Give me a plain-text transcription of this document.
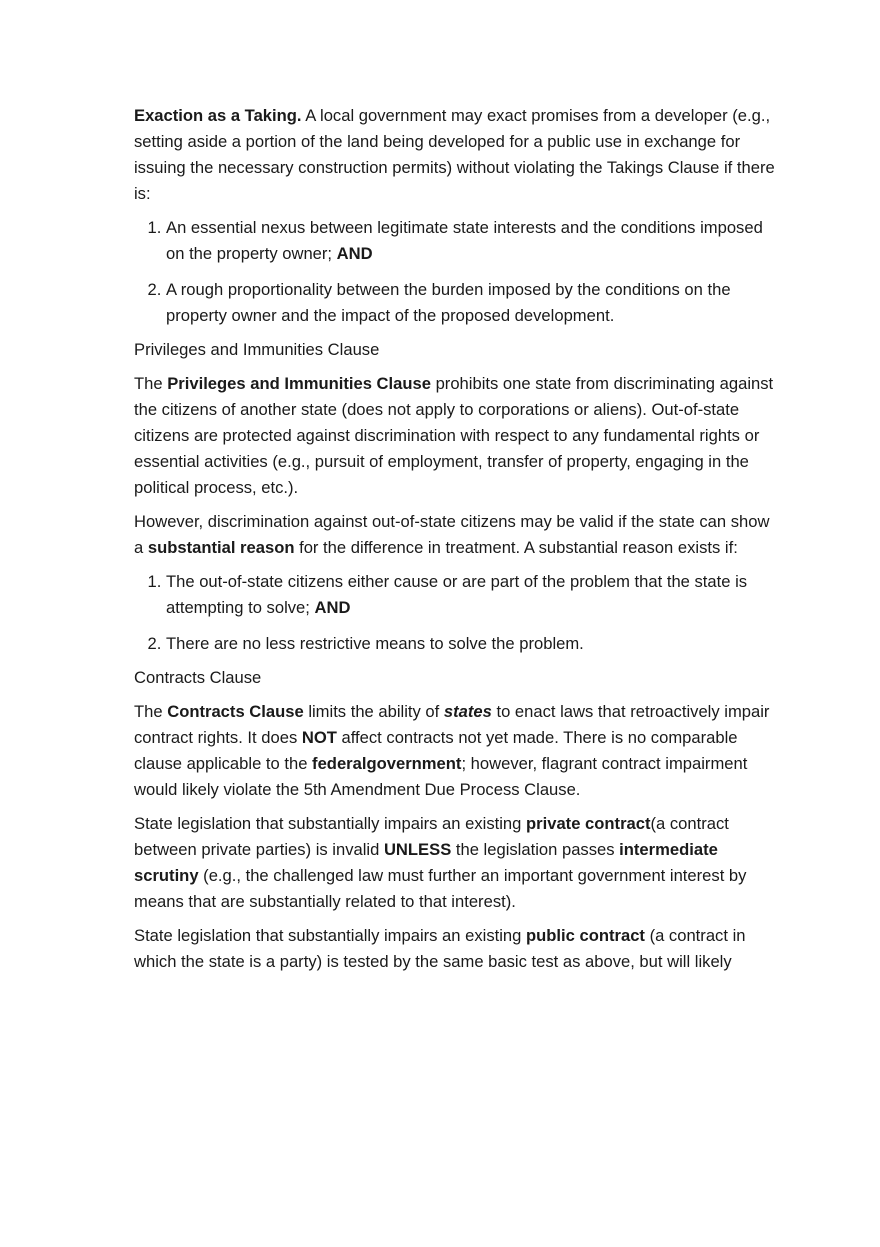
Exaction as a Taking. A local government may exact promises from a developer (e.g., setting aside a portion of the land being developed for a public use in exchange for issuing the necessary construction permits) without violating the Takings Clause if there is:

1. An essential nexus between legitimate state interests and the conditions imposed on the property owner; AND
2. A rough proportionality between the burden imposed by the conditions on the property owner and the impact of the proposed development.

Privileges and Immunities Clause

The Privileges and Immunities Clause prohibits one state from discriminating against the citizens of another state (does not apply to corporations or aliens). Out-of-state citizens are protected against discrimination with respect to any fundamental rights or essential activities (e.g., pursuit of employment, transfer of property, engaging in the political process, etc.).

However, discrimination against out-of-state citizens may be valid if the state can show a substantial reason for the difference in treatment. A substantial reason exists if:

1. The out-of-state citizens either cause or are part of the problem that the state is attempting to solve; AND
2. There are no less restrictive means to solve the problem.

Contracts Clause

The Contracts Clause limits the ability of states to enact laws that retroactively impair contract rights. It does NOT affect contracts not yet made. There is no comparable clause applicable to the federalgovernment; however, flagrant contract impairment would likely violate the 5th Amendment Due Process Clause.

State legislation that substantially impairs an existing private contract(a contract between private parties) is invalid UNLESS the legislation passes intermediate scrutiny (e.g., the challenged law must further an important government interest by means that are substantially related to that interest).

State legislation that substantially impairs an existing public contract (a contract in which the state is a party) is tested by the same basic test as above, but will likely
